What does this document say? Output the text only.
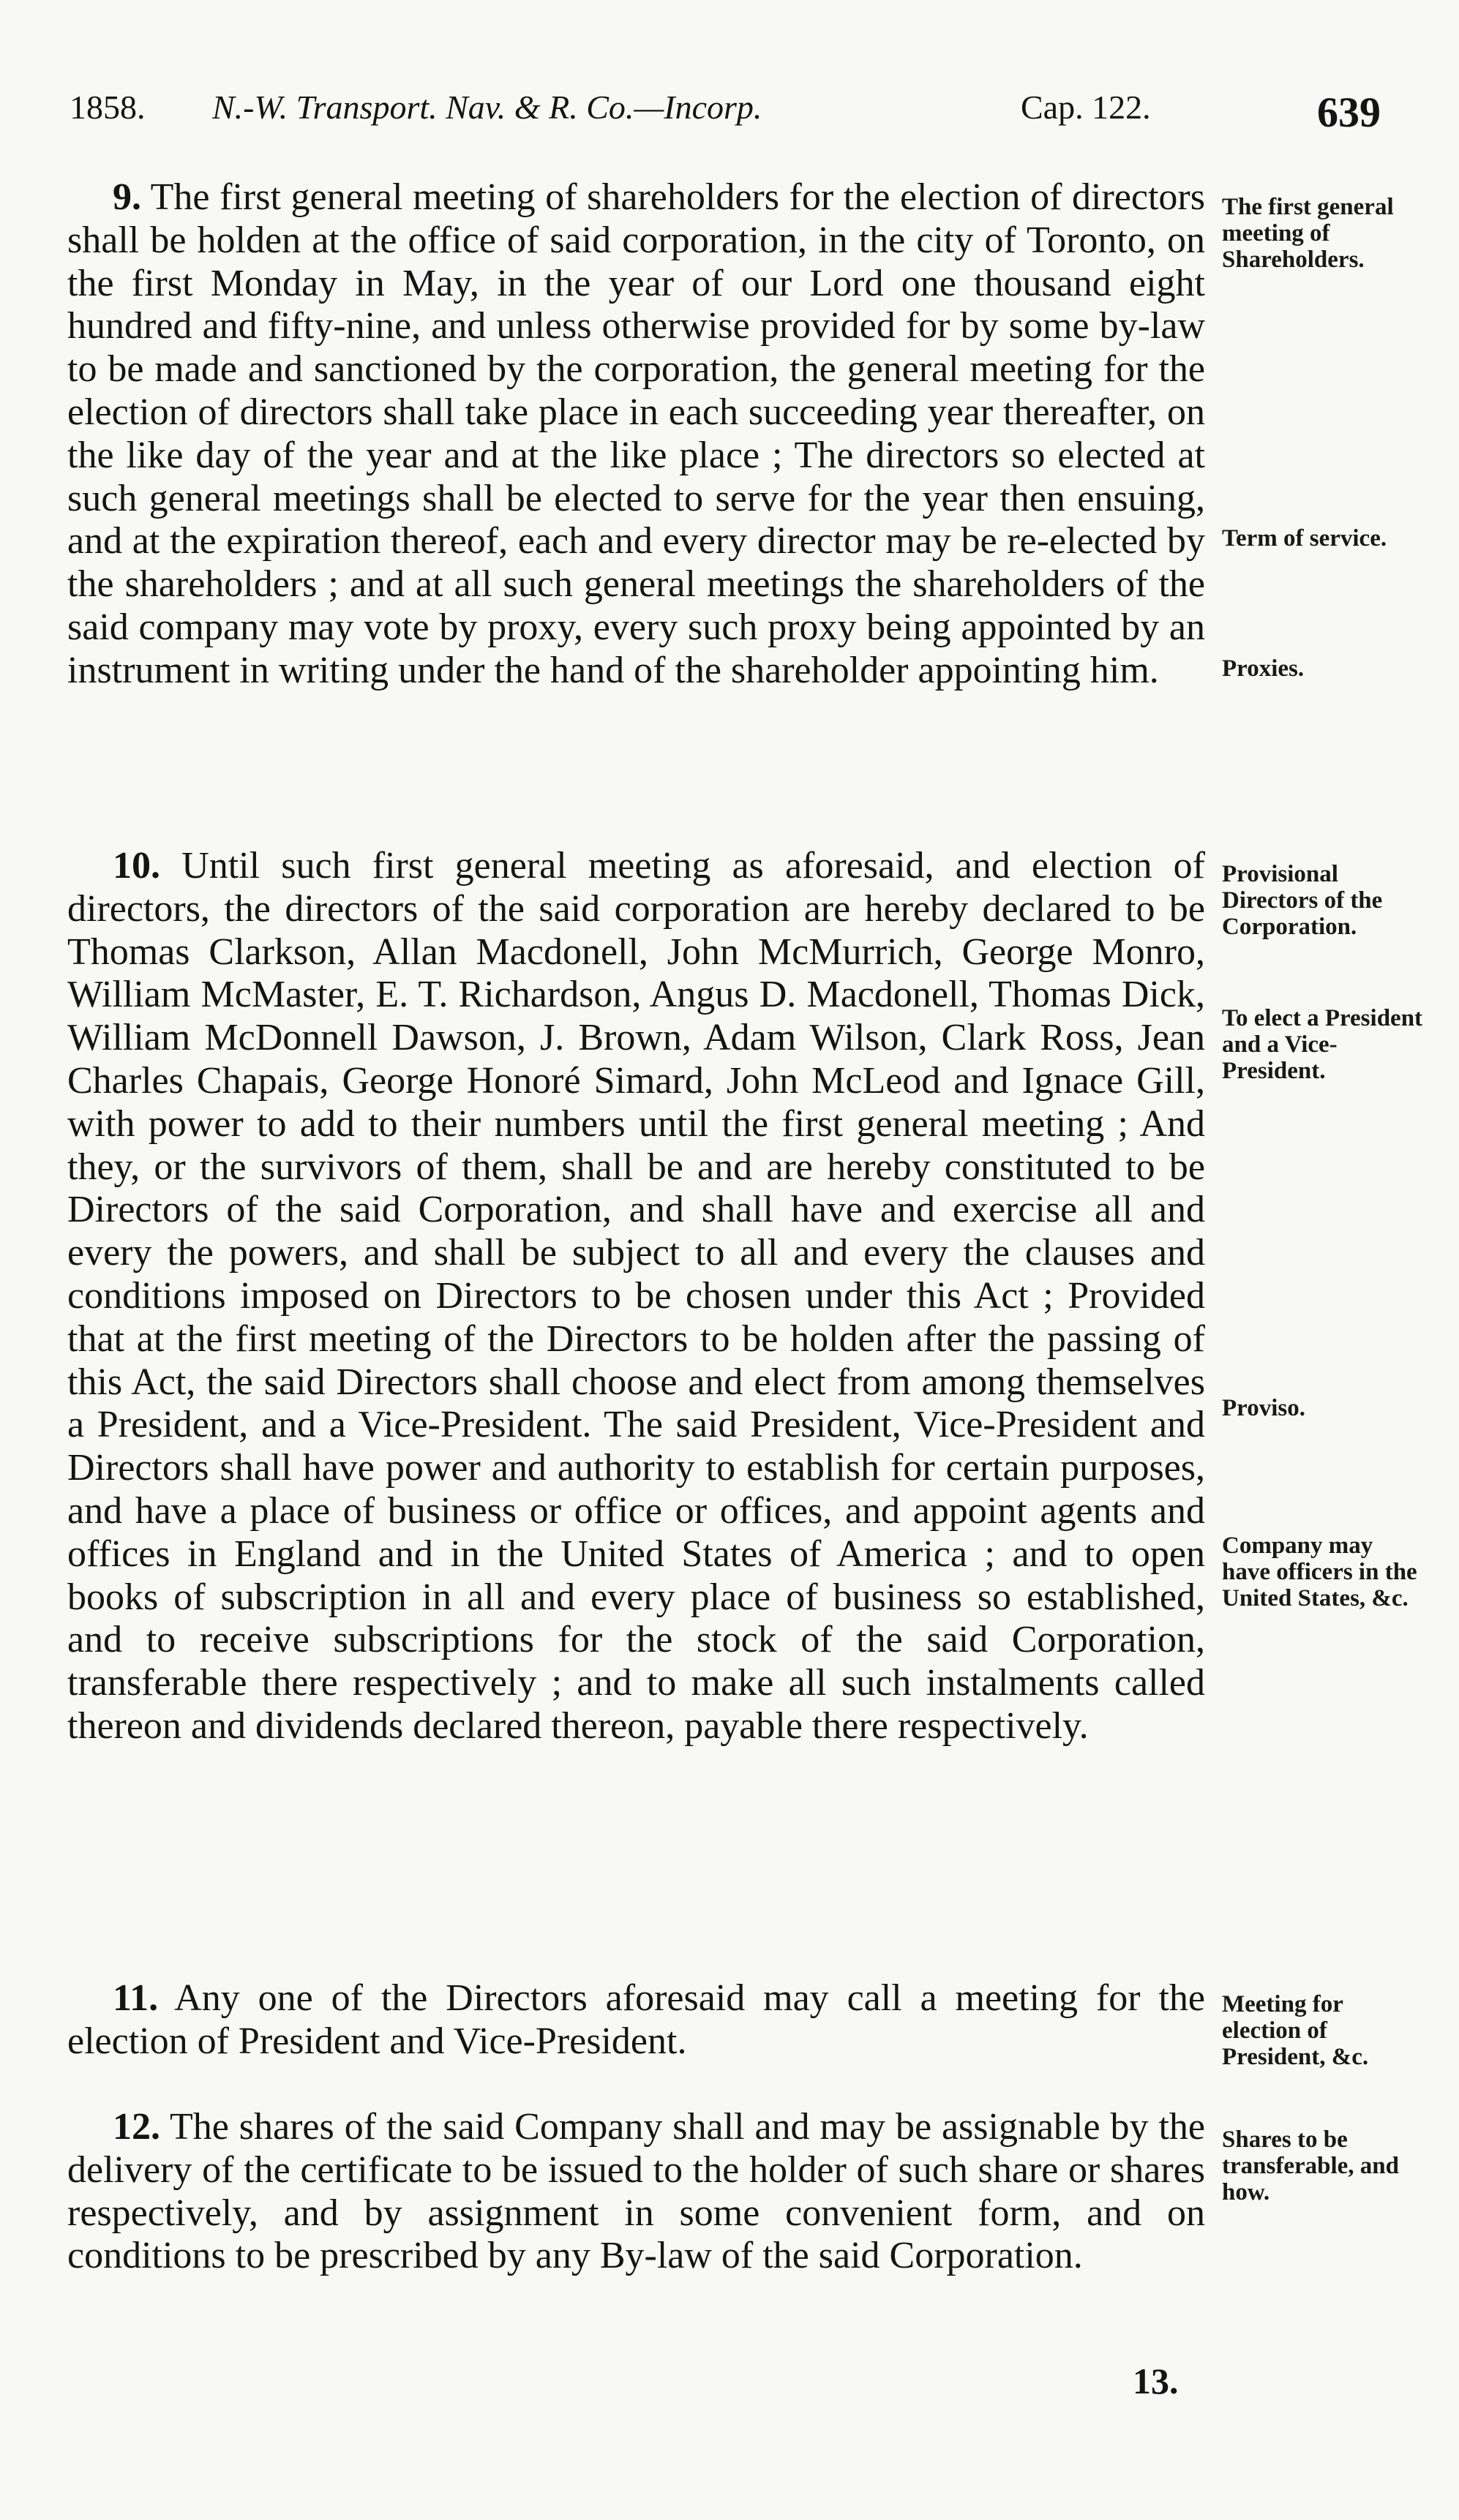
1858. N.-W. Transport. Nav. & R. Co.—Incorp.	Cap. 122.	639
9. The first general meeting of shareholders for the election of directors shall be holden at the office of said corporation, in the city of Toronto, on the first Monday in May, in the year of our Lord one thousand eight hundred and fifty-nine, and unless otherwise provided for by some by-law to be made and sanctioned by the corporation, the general meeting for the election of directors shall take place in each succeeding year thereafter, on the like day of the year and at the like place ; The directors so elected at such general meetings shall be elected to serve for the year then ensuing, and at the expiration thereof, each and every director may be re-elected by the shareholders ; and at all such general meetings the shareholders of the said company may vote by proxy, every such proxy being appointed by an instrument in writing under the hand of the shareholder appointing him.
10. Until such first general meeting as aforesaid, and election of directors, the directors of the said corporation are hereby declared to be Thomas Clarkson, Allan Macdonell, John McMurrich, George Monro, William McMaster, E. T. Richardson, Angus D. Macdonell, Thomas Dick, William McDonnell Dawson, J. Brown, Adam Wilson, Clark Ross, Jean Charles Chapais, George Honoré Simard, John McLeod and Ignace Gill, with power to add to their numbers until the first general meeting ; And they, or the survivors of them, shall be and are hereby constituted to be Directors of the said Corporation, and shall have and exercise all and every the powers, and shall be subject to all and every the clauses and conditions imposed on Directors to be chosen under this Act ; Provided that at the first meeting of the Directors to be holden after the passing of this Act, the said Directors shall choose and elect from among themselves a President, and a Vice-President. The said President, Vice-President and Directors shall have power and authority to establish for certain purposes, and have a place of business or office or offices, and appoint agents and offices in England and in the United States of America ; and to open books of subscription in all and every place of business so established, and to receive subscriptions for the stock of the said Corporation, transferable there respectively ; and to make all such instalments called thereon and dividends declared thereon, payable there respectively.
11. Any one of the Directors aforesaid may call a meeting for the election of President and Vice-President.
12. The shares of the said Company shall and may be assignable by the delivery of the certificate to be issued to the holder of such share or shares respectively, and by assignment in some convenient form, and on conditions to be prescribed by any By-law of the said Corporation.
The first general meeting of Shareholders.
Term of service.
Proxies.
Provisional Directors of the Corporation.
To elect a President and a Vice-President.
Proviso.
Company may have officers in the United States, &c.
Meeting for election of President, &c.
Shares to be transferable, and how.
13.
